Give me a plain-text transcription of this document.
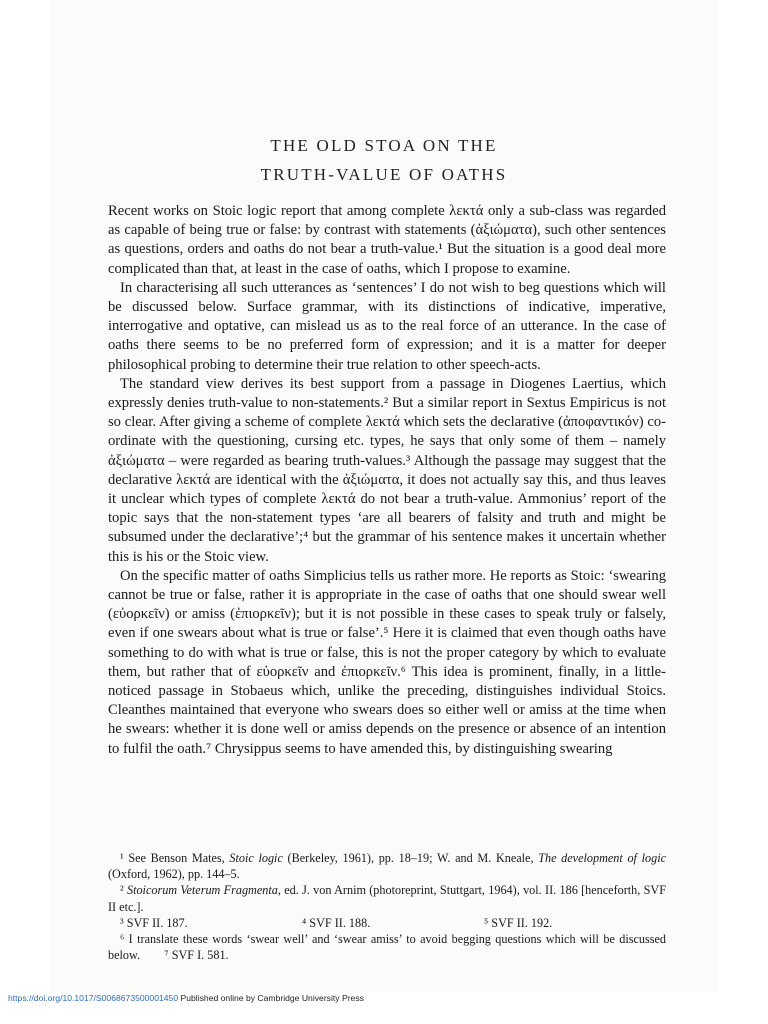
THE OLD STOA ON THE
TRUTH-VALUE OF OATHS

Recent works on Stoic logic report that among complete λεκτά only a sub-class was regarded as capable of being true or false: by contrast with statements (ἀξιώματα), such other sentences as questions, orders and oaths do not bear a truth-value.¹ But the situation is a good deal more complicated than that, at least in the case of oaths, which I propose to examine.

In characterising all such utterances as ‘sentences’ I do not wish to beg questions which will be discussed below. Surface grammar, with its distinctions of indicative, imperative, interrogative and optative, can mislead us as to the real force of an utterance. In the case of oaths there seems to be no preferred form of expression; and it is a matter for deeper philosophical probing to determine their true relation to other speech-acts.

The standard view derives its best support from a passage in Diogenes Laertius, which expressly denies truth-value to non-statements.² But a similar report in Sextus Empiricus is not so clear. After giving a scheme of complete λεκτά which sets the declarative (ἀποφαντικόν) co-ordinate with the questioning, cursing etc. types, he says that only some of them – namely ἀξιώματα – were regarded as bearing truth-values.³ Although the passage may suggest that the declarative λεκτά are identical with the ἀξιώματα, it does not actually say this, and thus leaves it unclear which types of complete λεκτά do not bear a truth-value. Ammonius’ report of the topic says that the non-statement types ‘are all bearers of falsity and truth and might be subsumed under the declarative’;⁴ but the grammar of his sentence makes it uncertain whether this is his or the Stoic view.

On the specific matter of oaths Simplicius tells us rather more. He reports as Stoic: ‘swearing cannot be true or false, rather it is appropriate in the case of oaths that one should swear well (εὐορκεῖν) or amiss (ἐπιορκεῖν); but it is not possible in these cases to speak truly or falsely, even if one swears about what is true or false’.⁵ Here it is claimed that even though oaths have something to do with what is true or false, this is not the proper category by which to evaluate them, but rather that of εὐορκεῖν and ἐπιορκεῖν.⁶ This idea is prominent, finally, in a little-noticed passage in Stobaeus which, unlike the preceding, distinguishes individual Stoics. Cleanthes maintained that everyone who swears does so either well or amiss at the time when he swears: whether it is done well or amiss depends on the presence or absence of an intention to fulfil the oath.⁷ Chrysippus seems to have amended this, by distinguishing swearing

¹ See Benson Mates, Stoic logic (Berkeley, 1961), pp. 18–19; W. and M. Kneale, The development of logic (Oxford, 1962), pp. 144–5.

² Stoicorum Veterum Fragmenta, ed. J. von Arnim (photoreprint, Stuttgart, 1964), vol. II. 186 [henceforth, SVF II etc.].

³ SVF II. 187.	⁴ SVF II. 188.	⁵ SVF II. 192.

⁶ I translate these words ‘swear well’ and ‘swear amiss’ to avoid begging questions which will be discussed below. ⁷ SVF I. 581.

https://doi.org/10.1017/S0068673500001450 Published online by Cambridge University Press
